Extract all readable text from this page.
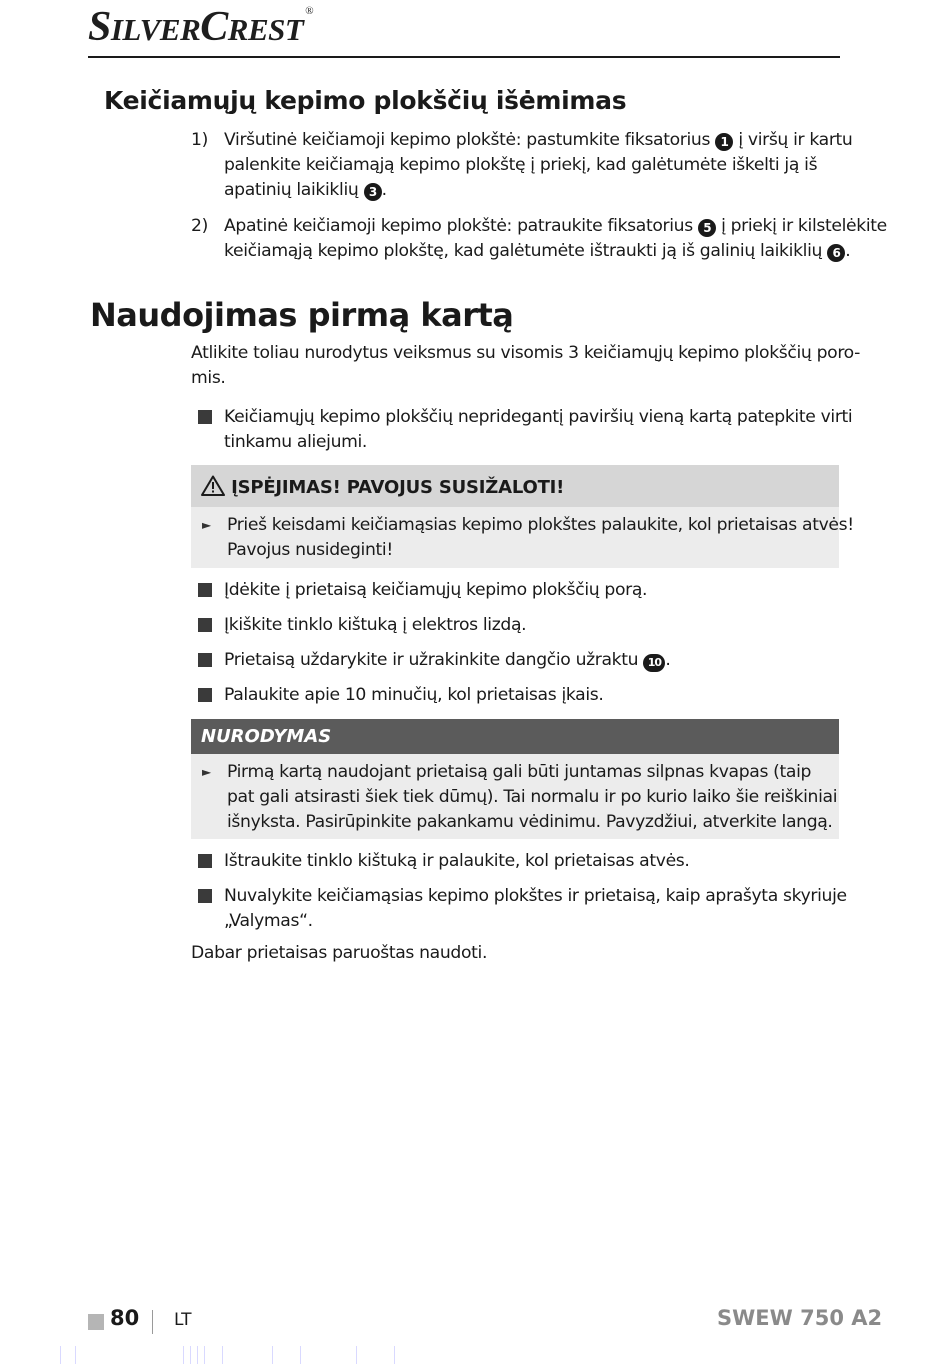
SILVERCREST®
Keičiamųjų kepimo plokščių išėmimas
1) Viršutinė keičiamoji kepimo plokštė: pastumkite fiksatorius 1 į viršų ir kartu
palenkite keičiamąją kepimo plokštę į priekį, kad galėtumėte iškelti ją iš
apatinių laikiklių 3 .
2) Apatinė keičiamoji kepimo plokštė: patraukite fiksatorius 5 į priekį ir kilstelėkite
keičiamąją kepimo plokštę, kad galėtumėte ištraukti ją iš galinių laikiklių 6 .
Naudojimas pirmą kartą
Atlikite toliau nurodytus veiksmus su visomis 3 keičiamųjų kepimo plokščių poro-
mis.
Keičiamųjų kepimo plokščių nepridegantį paviršių vieną kartą patepkite virti
tinkamu aliejumi.
ĮSPĖJIMAS! PAVOJUS SUSIŽALOTI!
► Prieš keisdami keičiamąsias kepimo plokštes palaukite, kol prietaisas atvės!
Pavojus nusideginti!
Įdėkite į prietaisą keičiamųjų kepimo plokščių porą.
Įkiškite tinklo kištuką į elektros lizdą.
Prietaisą uždarykite ir užrakinkite dangčio užraktu 10 .
Palaukite apie 10 minučių, kol prietaisas įkais.
NURODYMAS
► Pirmą kartą naudojant prietaisą gali būti juntamas silpnas kvapas (taip
pat gali atsirasti šiek tiek dūmų). Tai normalu ir po kurio laiko šie reiškiniai
išnyksta. Pasirūpinkite pakankamu vėdinimu. Pavyzdžiui, atverkite langą.
Ištraukite tinklo kištuką ir palaukite, kol prietaisas atvės.
Nuvalykite keičiamąsias kepimo plokštes ir prietaisą, kaip aprašyta skyriuje
„Valymas“.
Dabar prietaisas paruoštas naudoti.
80 LT	SWEW 750 A2
